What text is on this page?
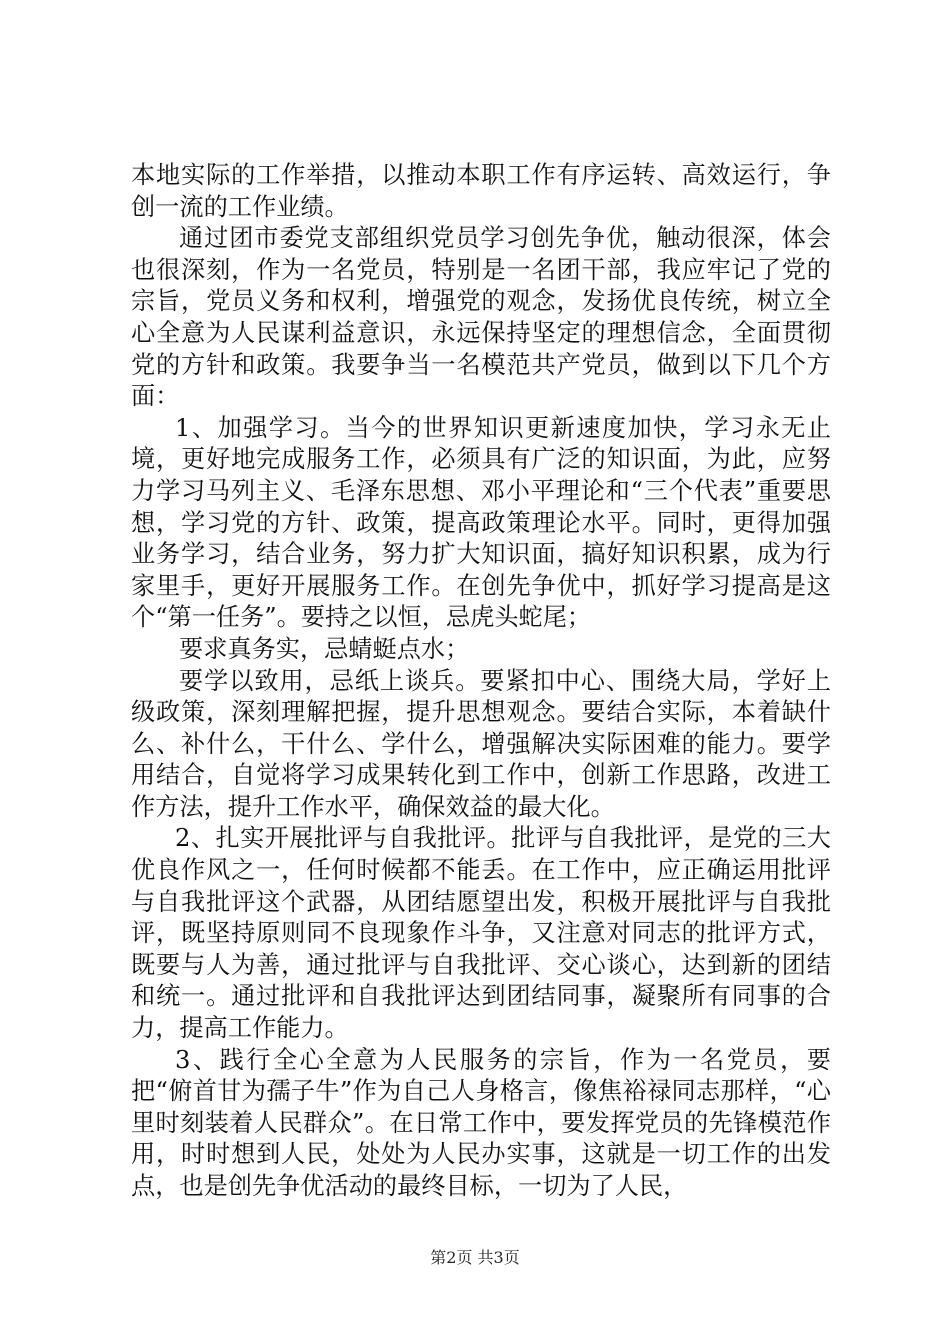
本地实际的工作举措，以推动本职工作有序运转、高效运行，争创一流的工作业绩。

通过团市委党支部组织党员学习创先争优，触动很深，体会也很深刻，作为一名党员，特别是一名团干部，我应牢记了党的宗旨，党员义务和权利，增强党的观念，发扬优良传统，树立全心全意为人民谋利益意识，永远保持坚定的理想信念，全面贯彻党的方针和政策。我要争当一名模范共产党员，做到以下几个方面：

1、加强学习。当今的世界知识更新速度加快，学习永无止境，更好地完成服务工作，必须具有广泛的知识面，为此，应努力学习马列主义、毛泽东思想、邓小平理论和“三个代表”重要思想，学习党的方针、政策，提高政策理论水平。同时，更得加强业务学习，结合业务，努力扩大知识面，搞好知识积累，成为行家里手，更好开展服务工作。在创先争优中，抓好学习提高是这个“第一任务”。要持之以恒，忌虎头蛇尾；

要求真务实，忌蜻蜓点水；

要学以致用，忌纸上谈兵。要紧扣中心、围绕大局，学好上级政策，深刻理解把握，提升思想观念。要结合实际，本着缺什么、补什么，干什么、学什么，增强解决实际困难的能力。要学用结合，自觉将学习成果转化到工作中，创新工作思路，改进工作方法，提升工作水平，确保效益的最大化。

2、扎实开展批评与自我批评。批评与自我批评，是党的三大优良作风之一，任何时候都不能丢。在工作中，应正确运用批评与自我批评这个武器，从团结愿望出发，积极开展批评与自我批评，既坚持原则同不良现象作斗争，又注意对同志的批评方式，既要与人为善，通过批评与自我批评、交心谈心，达到新的团结和统一。通过批评和自我批评达到团结同事，凝聚所有同事的合力，提高工作能力。

3、践行全心全意为人民服务的宗旨，作为一名党员，要把“俯首甘为孺子牛”作为自己人身格言，像焦裕禄同志那样，“心里时刻装着人民群众”。在日常工作中，要发挥党员的先锋模范作用，时时想到人民，处处为人民办实事，这就是一切工作的出发点，也是创先争优活动的最终目标，一切为了人民，

第2页 共3页
